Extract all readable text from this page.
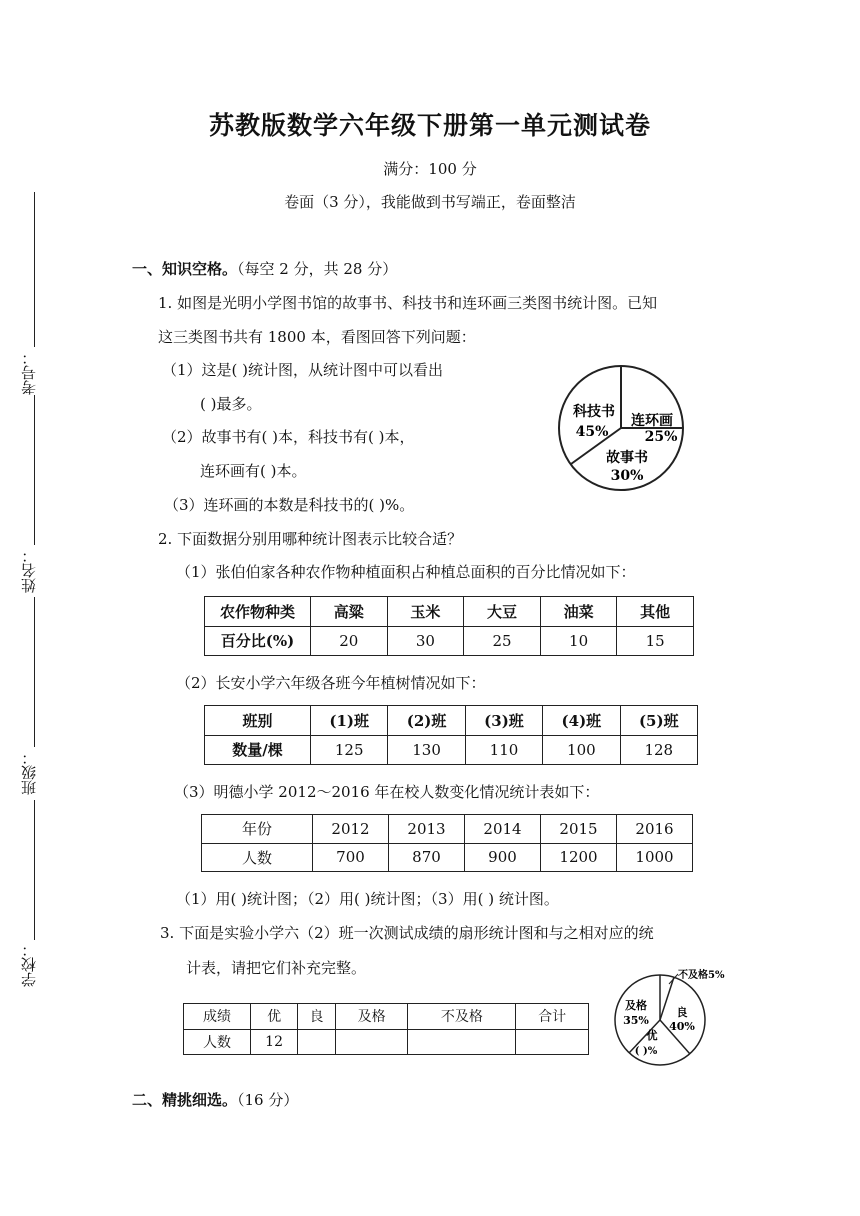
苏教版数学六年级下册第一单元测试卷
满分：100 分
卷面（3 分），我能做到书写端正，卷面整洁
考号：
姓名：
班级：
学校：
一、知识空格。（每空 2 分，共 28 分）
1. 如图是光明小学图书馆的故事书、科技书和连环画三类图书统计图。已知
这三类图书共有 1800 本，看图回答下列问题：
（1）这是( )统计图，从统计图中可以看出
( )最多。
（2）故事书有( )本，科技书有( )本，
连环画有( )本。
（3）连环画的本数是科技书的( )%。
科技书
45%
连环画
25%
故事书
30%
2. 下面数据分别用哪种统计图表示比较合适？
（1）张伯伯家各种农作物种植面积占种植总面积的百分比情况如下：
农作物种类	高粱	玉米	大豆	油菜	其他
百分比(%)	20	30	25	10	15
（2）长安小学六年级各班今年植树情况如下：
班别	(1)班	(2)班	(3)班	(4)班	(5)班
数量/棵	125	130	110	100	128
（3）明德小学 2012～2016 年在校人数变化情况统计表如下：
年份	2012	2013	2014	2015	2016
人数	700	870	900	1200	1000
（1）用( )统计图；（2）用( )统计图；（3）用( ) 统计图。
3. 下面是实验小学六（2）班一次测试成绩的扇形统计图和与之相对应的统
计表，请把它们补充完整。
成绩	优	良	及格	不及格	合计
人数	12				
不及格5%
及格
35%
良
40%
优
( )%
二、精挑细选。（16 分）
